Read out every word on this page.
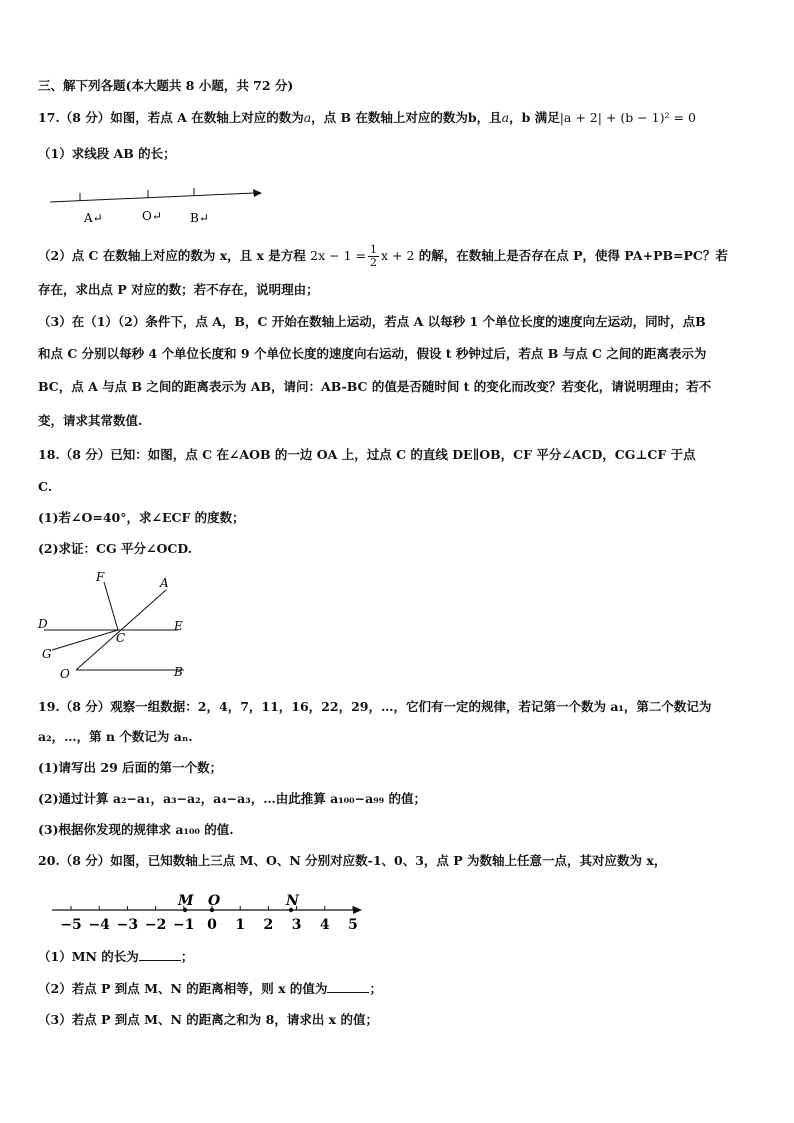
三、解下列各题(本大题共 8 小题，共 72 分)
17.（8 分）如图，若点 A 在数轴上对应的数为a，点 B 在数轴上对应的数为b，且a，b 满足|a + 2| + (b − 1)² = 0
（1）求线段 AB 的长；
A↵	O↵ B↵
（2）点 C 在数轴上对应的数为 x，且 x 是方程 $2x - 1 = \frac{1}{2}$ x + 2 的解，在数轴上是否存在点 P，使得 PA+PB=PC？若
存在，求出点 P 对应的数；若不存在，说明理由；
（3）在（1）（2）条件下，点 A，B，C 开始在数轴上运动，若点 A 以每秒 1 个单位长度的速度向左运动，同时，点B
和点 C 分别以每秒 4 个单位长度和 9 个单位长度的速度向右运动，假设 t 秒钟过后，若点 B 与点 C 之间的距离表示为
BC，点 A 与点 B 之间的距离表示为 AB，请问：AB-BC 的值是否随时间 t 的变化而改变？若变化，请说明理由；若不
变，请求其常数值.
18.（8 分）已知：如图，点 C 在∠AOB 的一边 OA 上，过点 C 的直线 DE∥OB，CF 平分∠ACD，CG⊥CF 于点
C.
(1)若∠O=40°，求∠ECF 的度数；
(2)求证：CG 平分∠OCD.
F	A
D
C
E
G
O	B
19.（8 分）观察一组数据：2，4，7，11，16，22，29，…，它们有一定的规律，若记第一个数为 a₁，第二个数记为
a₂，…，第 n 个数记为 aₙ.
(1)请写出 29 后面的第一个数；
(2)通过计算 a₂−a₁，a₃−a₂，a₄−a₃，…由此推算 a₁₀₀−a₉₉ 的值；
(3)根据你发现的规律求 a₁₀₀ 的值.
20.（8 分）如图，已知数轴上三点 M、O、N 分别对应数-1、0、3，点 P 为数轴上任意一点，其对应数为 x，
−5 −4 −3 −2 −1 0 1 2 3 4 5
M O	N
（1）MN 的长为	；
（2）若点 P 到点 M、N 的距离相等，则 x 的值为	；
（3）若点 P 到点 M、N 的距离之和为 8，请求出 x 的值；
